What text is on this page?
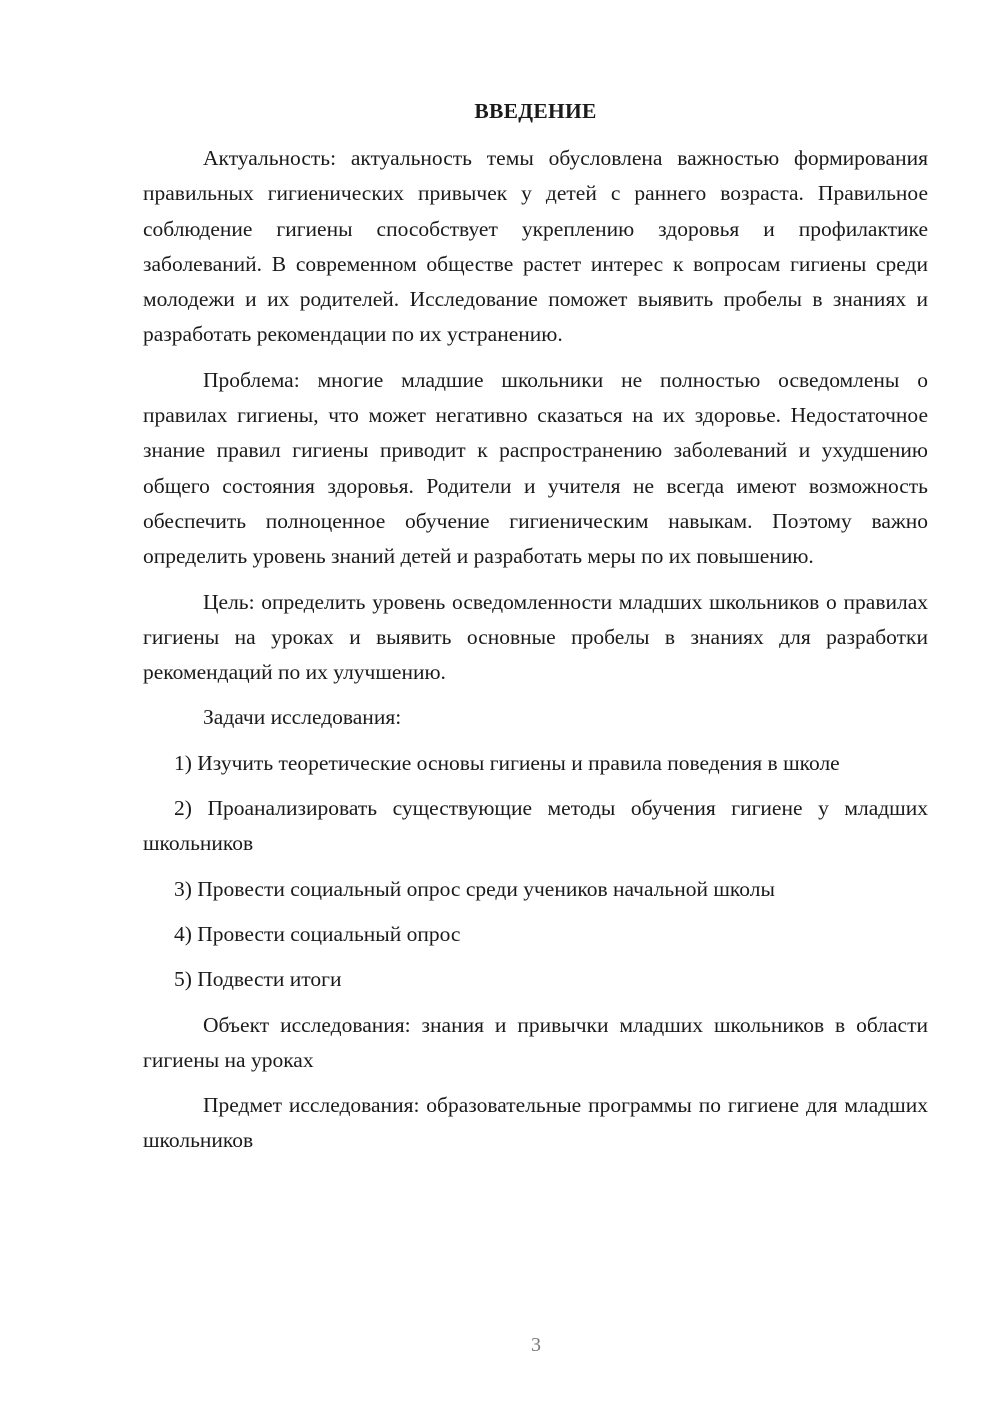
ВВЕДЕНИЕ

Актуальность: актуальность темы обусловлена важностью формирования правильных гигиенических привычек у детей с раннего возраста. Правильное соблюдение гигиены способствует укреплению здоровья и профилактике заболеваний. В современном обществе растет интерес к вопросам гигиены среди молодежи и их родителей. Исследование поможет выявить пробелы в знаниях и разработать рекомендации по их устранению.

Проблема: многие младшие школьники не полностью осведомлены о правилах гигиены, что может негативно сказаться на их здоровье. Недостаточное знание правил гигиены приводит к распространению заболеваний и ухудшению общего состояния здоровья. Родители и учителя не всегда имеют возможность обеспечить полноценное обучение гигиеническим навыкам. Поэтому важно определить уровень знаний детей и разработать меры по их повышению.

Цель: определить уровень осведомленности младших школьников о правилах гигиены на уроках и выявить основные пробелы в знаниях для разработки рекомендаций по их улучшению.

Задачи исследования:

1) Изучить теоретические основы гигиены и правила поведения в школе

2) Проанализировать существующие методы обучения гигиене у младших школьников

3) Провести социальный опрос среди учеников начальной школы

4) Провести социальный опрос

5) Подвести итоги

Объект исследования: знания и привычки младших школьников в области гигиены на уроках

Предмет исследования: образовательные программы по гигиене для младших школьников

3
